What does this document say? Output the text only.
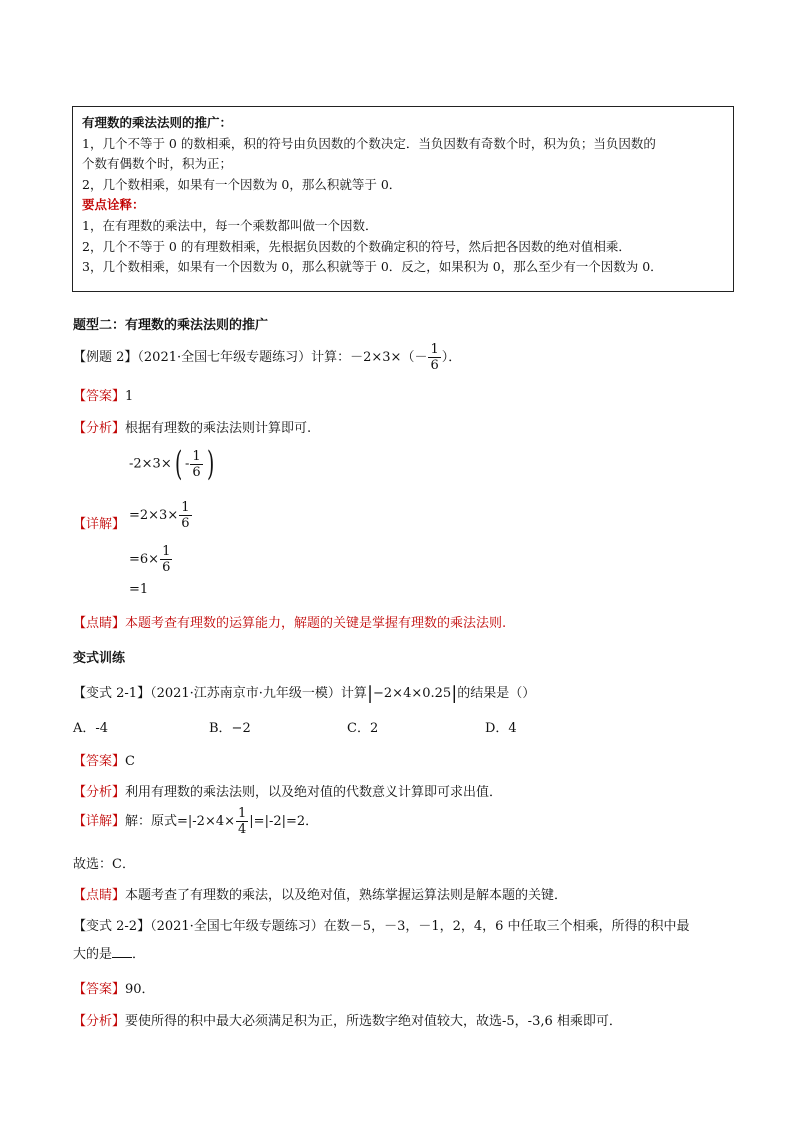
有理数的乘法法则的推广：

1，几个不等于 0 的数相乘，积的符号由负因数的个数决定．当负因数有奇数个时，积为负；当负因数的

个数有偶数个时，积为正；

2，几个数相乘，如果有一个因数为 0，那么积就等于 0．

要点诠释：

1，在有理数的乘法中，每一个乘数都叫做一个因数．

2，几个不等于 0 的有理数相乘，先根据负因数的个数确定积的符号，然后把各因数的绝对值相乘．

3，几个数相乘，如果有一个因数为 0，那么积就等于 0．反之，如果积为 0，那么至少有一个因数为 0．

题型二：有理数的乘法法则的推广
【例题 2】（2021·全国七年级专题练习）计算：$-2\times 3\times(- \frac{1}{6}$ ）．
【答案】1
【分析】根据有理数的乘法法则计算即可.
$-2\times 3\times( - \frac{1}{6}$ )
【详解】
$=2\times 3\times \frac{1}{6}$
$=6\times \frac{1}{6}$
=1
【点睛】本题考查有理数的运算能力，解题的关键是掌握有理数的乘法法则.
变式训练
【变式 2-1】（2021·江苏南京市·九年级一模）计算|−2×4×0.25|的结果是（）
A．-4	B．−2	C．2	D．4
【答案】C
【分析】利用有理数的乘法法则，以及绝对值的代数意义计算即可求出值．
【详解】解：原式$=|-2\times 4\times \frac{1}{4} |=|-2|=2$．
故选：C．
【点睛】本题考查了有理数的乘法，以及绝对值，熟练掌握运算法则是解本题的关键．
【变式 2-2】（2021·全国七年级专题练习）在数－5，－3，－1，2，4，6 中任取三个相乘，所得的积中最
大的是 ．
【答案】90．
【分析】要使所得的积中最大必须满足积为正，所选数字绝对值较大，故选-5，-3,6 相乘即可．
